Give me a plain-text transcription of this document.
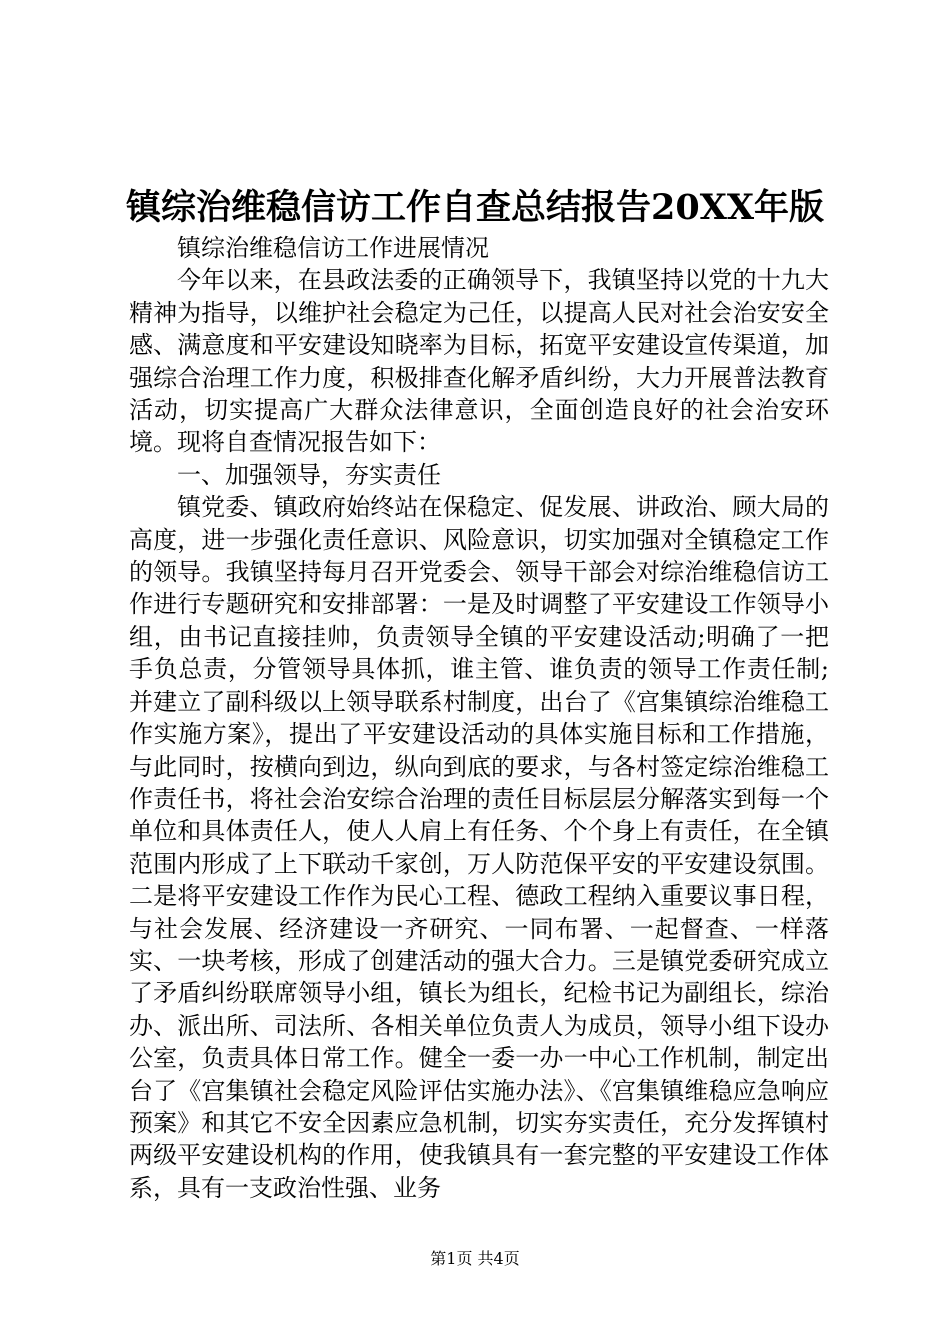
镇综治维稳信访工作自查总结报告20XX年版

镇综治维稳信访工作进展情况

今年以来，在县政法委的正确领导下，我镇坚持以党的十九大精神为指导，以维护社会稳定为己任，以提高人民对社会治安安全感、满意度和平安建设知晓率为目标，拓宽平安建设宣传渠道，加强综合治理工作力度，积极排查化解矛盾纠纷，大力开展普法教育活动，切实提高广大群众法律意识，全面创造良好的社会治安环境。现将自查情况报告如下：

一、加强领导，夯实责任

镇党委、镇政府始终站在保稳定、促发展、讲政治、顾大局的高度，进一步强化责任意识、风险意识，切实加强对全镇稳定工作的领导。我镇坚持每月召开党委会、领导干部会对综治维稳信访工作进行专题研究和安排部署：一是及时调整了平安建设工作领导小组，由书记直接挂帅，负责领导全镇的平安建设活动;明确了一把手负总责，分管领导具体抓，谁主管、谁负责的领导工作责任制;并建立了副科级以上领导联系村制度，出台了《宫集镇综治维稳工作实施方案》，提出了平安建设活动的具体实施目标和工作措施，与此同时，按横向到边，纵向到底的要求，与各村签定综治维稳工作责任书，将社会治安综合治理的责任目标层层分解落实到每一个单位和具体责任人，使人人肩上有任务、个个身上有责任，在全镇范围内形成了上下联动千家创，万人防范保平安的平安建设氛围。二是将平安建设工作作为民心工程、德政工程纳入重要议事日程，与社会发展、经济建设一齐研究、一同布署、一起督查、一样落实、一块考核，形成了创建活动的强大合力。三是镇党委研究成立了矛盾纠纷联席领导小组，镇长为组长，纪检书记为副组长，综治办、派出所、司法所、各相关单位负责人为成员，领导小组下设办公室，负责具体日常工作。健全一委一办一中心工作机制，制定出台了《宫集镇社会稳定风险评估实施办法》、《宫集镇维稳应急响应预案》和其它不安全因素应急机制，切实夯实责任，充分发挥镇村两级平安建设机构的作用，使我镇具有一套完整的平安建设工作体系，具有一支政治性强、业务

第1页 共4页
